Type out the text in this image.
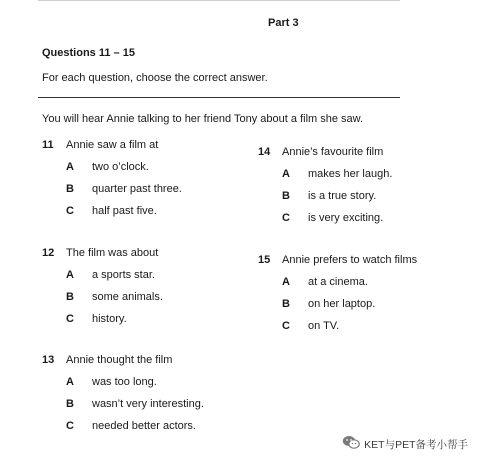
Part 3
Questions 11 – 15
For each question, choose the correct answer.
You will hear Annie talking to her friend Tony about a film she saw.
11	Annie saw a film at
A	two o’clock.
B	quarter past three.
C	half past five.
12	The film was about
A	a sports star.
B	some animals.
C	history.
13	Annie thought the film
A	was too long.
B	wasn’t very interesting.
C	needed better actors.
14	Annie’s favourite film
A	makes her laugh.
B	is a true story.
C	is very exciting.
15	Annie prefers to watch films
A	at a cinema.
B	on her laptop.
C	on TV.
KET与PET备考小帮手
